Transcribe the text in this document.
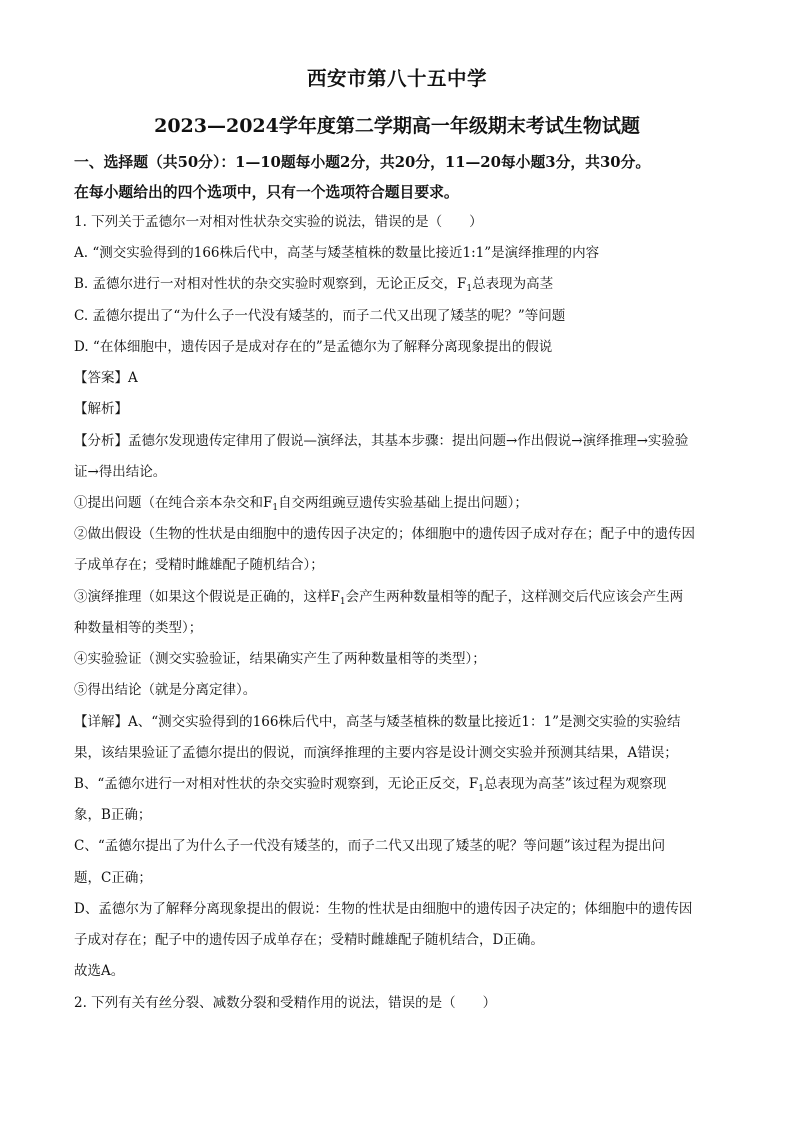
西安市第八十五中学
2023—2024学年度第二学期高一年级期末考试生物试题
一、选择题（共50分）：1—10题每小题2分，共20分，11—20每小题3分，共30分。
在每小题给出的四个选项中，只有一个选项符合题目要求。
1. 下列关于孟德尔一对相对性状杂交实验的说法，错误的是（　　）
A. “测交实验得到的166株后代中，高茎与矮茎植株的数量比接近1:1”是演绎推理的内容
B. 孟德尔进行一对相对性状的杂交实验时观察到，无论正反交，$F_1$总表现为高茎
C. 孟德尔提出了“为什么子一代没有矮茎的，而子二代又出现了矮茎的呢？”等问题
D. “在体细胞中，遗传因子是成对存在的”是孟德尔为了解释分离现象提出的假说
【答案】A
【解析】
【分析】孟德尔发现遗传定律用了假说—演绎法，其基本步骤：提出问题→作出假说→演绎推理→实验验
证→得出结论。
①提出问题（在纯合亲本杂交和$F_1$自交两组豌豆遗传实验基础上提出问题）；
②做出假设（生物的性状是由细胞中的遗传因子决定的；体细胞中的遗传因子成对存在；配子中的遗传因
子成单存在；受精时雌雄配子随机结合）；
③演绎推理（如果这个假说是正确的，这样$F_1$会产生两种数量相等的配子，这样测交后代应该会产生两
种数量相等的类型）；
④实验验证（测交实验验证，结果确实产生了两种数量相等的类型）；
⑤得出结论（就是分离定律）。
【详解】A、“测交实验得到的166株后代中，高茎与矮茎植株的数量比接近1：1”是测交实验的实验结
果，该结果验证了孟德尔提出的假说，而演绎推理的主要内容是设计测交实验并预测其结果，A错误；
B、“孟德尔进行一对相对性状的杂交实验时观察到，无论正反交，$F_1$总表现为高茎”该过程为观察现
象，B正确；
C、“孟德尔提出了为什么子一代没有矮茎的，而子二代又出现了矮茎的呢？等问题”该过程为提出问
题，C正确；
D、孟德尔为了解释分离现象提出的假说：生物的性状是由细胞中的遗传因子决定的；体细胞中的遗传因
子成对存在；配子中的遗传因子成单存在；受精时雌雄配子随机结合，D正确。
故选A。
2. 下列有关有丝分裂、减数分裂和受精作用的说法，错误的是（　　）
